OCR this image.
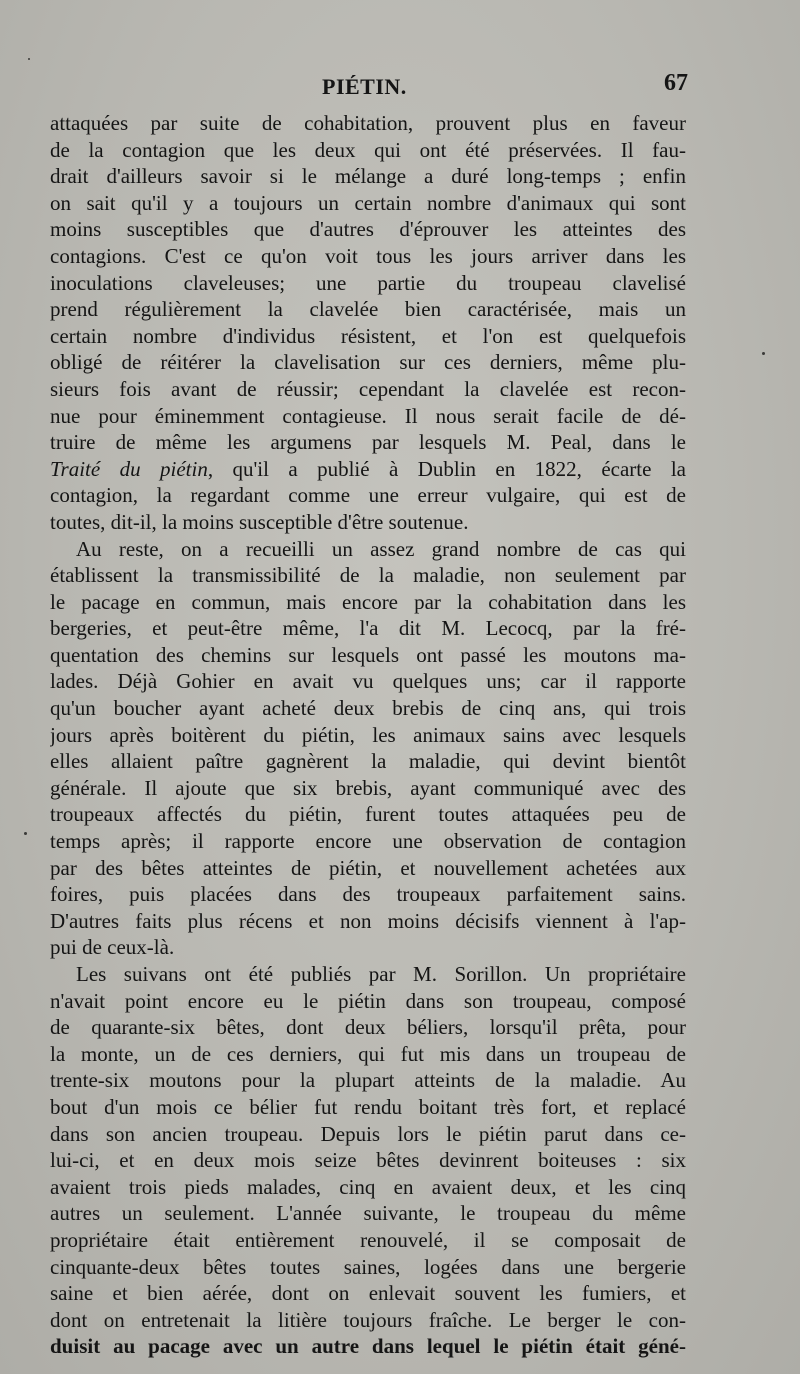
PIÉTIN.	67
attaquées par suite de cohabitation, prouvent plus en faveur
de la contagion que les deux qui ont été préservées. Il fau-
drait d'ailleurs savoir si le mélange a duré long-temps ; enfin
on sait qu'il y a toujours un certain nombre d'animaux qui sont
moins susceptibles que d'autres d'éprouver les atteintes des
contagions. C'est ce qu'on voit tous les jours arriver dans les
inoculations claveleuses; une partie du troupeau clavelisé
prend régulièrement la clavelée bien caractérisée, mais un
certain nombre d'individus résistent, et l'on est quelquefois
obligé de réitérer la clavelisation sur ces derniers, même plu-
sieurs fois avant de réussir; cependant la clavelée est recon-
nue pour éminemment contagieuse. Il nous serait facile de dé-
truire de même les argumens par lesquels M. Peal, dans le
Traité du piétin, qu'il a publié à Dublin en 1822, écarte la
contagion, la regardant comme une erreur vulgaire, qui est de
toutes, dit-il, la moins susceptible d'être soutenue.
Au reste, on a recueilli un assez grand nombre de cas qui
établissent la transmissibilité de la maladie, non seulement par
le pacage en commun, mais encore par la cohabitation dans les
bergeries, et peut-être même, l'a dit M. Lecocq, par la fré-
quentation des chemins sur lesquels ont passé les moutons ma-
lades. Déjà Gohier en avait vu quelques uns; car il rapporte
qu'un boucher ayant acheté deux brebis de cinq ans, qui trois
jours après boitèrent du piétin, les animaux sains avec lesquels
elles allaient paître gagnèrent la maladie, qui devint bientôt
générale. Il ajoute que six brebis, ayant communiqué avec des
troupeaux affectés du piétin, furent toutes attaquées peu de
temps après; il rapporte encore une observation de contagion
par des bêtes atteintes de piétin, et nouvellement achetées aux
foires, puis placées dans des troupeaux parfaitement sains.
D'autres faits plus récens et non moins décisifs viennent à l'ap-
pui de ceux-là.
Les suivans ont été publiés par M. Sorillon. Un propriétaire
n'avait point encore eu le piétin dans son troupeau, composé
de quarante-six bêtes, dont deux béliers, lorsqu'il prêta, pour
la monte, un de ces derniers, qui fut mis dans un troupeau de
trente-six moutons pour la plupart atteints de la maladie. Au
bout d'un mois ce bélier fut rendu boitant très fort, et replacé
dans son ancien troupeau. Depuis lors le piétin parut dans ce-
lui-ci, et en deux mois seize bêtes devinrent boiteuses : six
avaient trois pieds malades, cinq en avaient deux, et les cinq
autres un seulement. L'année suivante, le troupeau du même
propriétaire était entièrement renouvelé, il se composait de
cinquante-deux bêtes toutes saines, logées dans une bergerie
saine et bien aérée, dont on enlevait souvent les fumiers, et
dont on entretenait la litière toujours fraîche. Le berger le con-
duisit au pacage avec un autre dans lequel le piétin était géné-
